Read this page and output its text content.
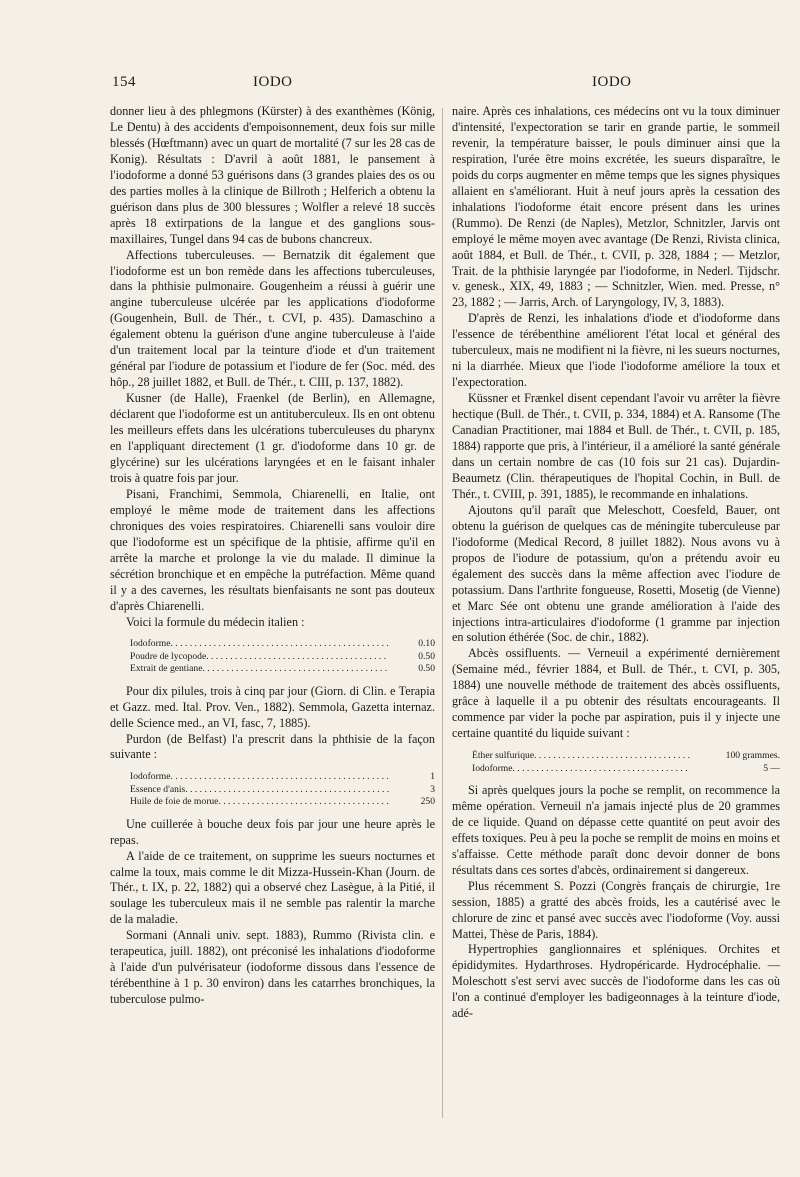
154	IODO	IODO

donner lieu à des phlegmons (Kürster) à des exanthèmes (König, Le Dentu) à des accidents d'empoisonnement, deux fois sur mille blessés (Hœftmann) avec un quart de mortalité (7 sur les 28 cas de Konig). Résultats : D'avril à août 1881, le pansement à l'iodoforme a donné 53 guérisons dans (3 grandes plaies des os ou des parties molles à la clinique de Billroth ; Helferich a obtenu la guérison dans plus de 300 blessures ; Wolfler a relevé 18 succès après 18 extirpations de la langue et des ganglions sous-maxillaires, Tungel dans 94 cas de bubons chancreux.

Affections tuberculeuses. — Bernatzik dit également que l'iodoforme est un bon remède dans les affections tuberculeuses, dans la phthisie pulmonaire. Gougenheim a réussi à guérir une angine tuberculeuse ulcérée par les applications d'iodoforme (Gougenhein, Bull. de Thér., t. CVI, p. 435). Damaschino a également obtenu la guérison d'une angine tuberculeuse à l'aide d'un traitement local par la teinture d'iode et d'un traitement général par l'iodure de potassium et l'iodure de fer (Soc. méd. des hôp., 28 juillet 1882, et Bull. de Thér., t. CIII, p. 137, 1882).

Kusner (de Halle), Fraenkel (de Berlin), en Allemagne, déclarent que l'iodoforme est un antituberculeux. Ils en ont obtenu les meilleurs effets dans les ulcérations tuberculeuses du pharynx en l'appliquant directement (1 gr. d'iodoforme dans 10 gr. de glycérine) sur les ulcérations laryngées et en le faisant inhaler trois à quatre fois par jour.

Pisani, Franchimi, Semmola, Chiarenelli, en Italie, ont employé le même mode de traitement dans les affections chroniques des voies respiratoires. Chiarenelli sans vouloir dire que l'iodoforme est un spécifique de la phtisie, affirme qu'il en arrête la marche et prolonge la vie du malade. Il diminue la sécrétion bronchique et en empêche la putréfaction. Même quand il y a des cavernes, les résultats bienfaisants ne sont pas douteux d'après Chiarenelli.

Voici la formule du médecin italien :

Iodoforme . . .	0.10
Poudre de lycopode . . .	0.50
Extrait de gentiane . . .	0.50

Pour dix pilules, trois à cinq par jour (Giorn. di Clin. e Terapia et Gazz. med. Ital. Prov. Ven., 1882). Semmola, Gazetta internaz. delle Science med., an VI, fasc, 7, 1885).

Purdon (de Belfast) l'a prescrit dans la phthisie de la façon suivante :

Iodoforme . . .	1
Essence d'anis . . .	3
Huile de foie de morue . . .	250

Une cuillerée à bouche deux fois par jour une heure après le repas.

A l'aide de ce traitement, on supprime les sueurs nocturnes et calme la toux, mais comme le dit Mizza-Hussein-Khan (Journ. de Thér., t. IX, p. 22, 1882) qui a observé chez Lasègue, à la Pitié, il soulage les tuberculeux mais il ne semble pas ralentir la marche de la maladie.

Sormani (Annali univ. sept. 1883), Rummo (Rivista clin. e terapeutica, juill. 1882), ont préconisé les inhalations d'iodoforme à l'aide d'un pulvérisateur (iodoforme dissous dans l'essence de térébenthine à 1 p. 30 environ) dans les catarrhes bronchiques, la tuberculose pulmo-

naire. Après ces inhalations, ces médecins ont vu la toux diminuer d'intensité, l'expectoration se tarir en grande partie, le sommeil revenir, la température baisser, le pouls diminuer ainsi que la respiration, l'urée être moins excrétée, les sueurs disparaître, le poids du corps augmenter en même temps que les signes physiques allaient en s'améliorant. Huit à neuf jours après la cessation des inhalations l'iodoforme était encore présent dans les urines (Rummo). De Renzi (de Naples), Metzlor, Schnitzler, Jarvis ont employé le même moyen avec avantage (De Renzi, Rivista clinica, août 1884, et Bull. de Thér., t. CVII, p. 328, 1884 ; — Metzlor, Trait. de la phthisie laryngée par l'iodoforme, in Nederl. Tijdschr. v. genesk., XIX, 49, 1883 ; — Schnitzler, Wien. med. Presse, n° 23, 1882 ; — Jarris, Arch. of Laryngology, IV, 3, 1883).

D'après de Renzi, les inhalations d'iode et d'iodoforme dans l'essence de térébenthine améliorent l'état local et général des tuberculeux, mais ne modifient ni la fièvre, ni les sueurs nocturnes, ni la diarrhée. Mieux que l'iode l'iodoforme améliore la toux et l'expectoration.

Küssner et Frænkel disent cependant l'avoir vu arrêter la fièvre hectique (Bull. de Thér., t. CVII, p. 334, 1884) et A. Ransome (The Canadian Practitioner, mai 1884 et Bull. de Thér., t. CVII, p. 185, 1884) rapporte que pris, à l'intérieur, il a amélioré la santé générale dans un certain nombre de cas (10 fois sur 21 cas). Dujardin-Beaumetz (Clin. thérapeutiques de l'hopital Cochin, in Bull. de Thér., t. CVIII, p. 391, 1885), le recommande en inhalations.

Ajoutons qu'il paraît que Meleschott, Coesfeld, Bauer, ont obtenu la guérison de quelques cas de méningite tuberculeuse par l'iodoforme (Medical Record, 8 juillet 1882). Nous avons vu à propos de l'iodure de potassium, qu'on a prétendu avoir eu également des succès dans la même affection avec l'iodure de potassium. Dans l'arthrite fongueuse, Rosetti, Mosetig (de Vienne) et Marc Sée ont obtenu une grande amélioration à l'aide des injections intra-articulaires d'iodoforme (1 gramme par injection en solution éthérée (Soc. de chir., 1882).

Abcès ossifluents. — Verneuil a expérimenté dernièrement (Semaine méd., février 1884, et Bull. de Thér., t. CVI, p. 305, 1884) une nouvelle méthode de traitement des abcès ossifluents, grâce à laquelle il a pu obtenir des résultats encourageants. Il commence par vider la poche par aspiration, puis il y injecte une certaine quantité du liquide suivant :

Éther sulfurique . . .	100 grammes.
Iodoforme . . .	5 —

Si après quelques jours la poche se remplit, on recommence la même opération. Verneuil n'a jamais injecté plus de 20 grammes de ce liquide. Quand on dépasse cette quantité on peut avoir des effets toxiques. Peu à peu la poche se remplit de moins en moins et s'affaisse. Cette méthode paraît donc devoir donner de bons résultats dans ces sortes d'abcès, ordinairement si dangereux.

Plus récemment S. Pozzi (Congrès français de chirurgie, 1re session, 1885) a gratté des abcès froids, les a cautérisé avec le chlorure de zinc et pansé avec succès avec l'iodoforme (Voy. aussi Mattei, Thèse de Paris, 1884).

Hypertrophies ganglionnaires et spléniques. Orchites et épididymites. Hydarthroses. Hydropéricarde. Hydrocéphalie. — Moleschott s'est servi avec succès de l'iodoforme dans les cas où l'on a continué d'employer les badigeonnages à la teinture d'iode, adé-
